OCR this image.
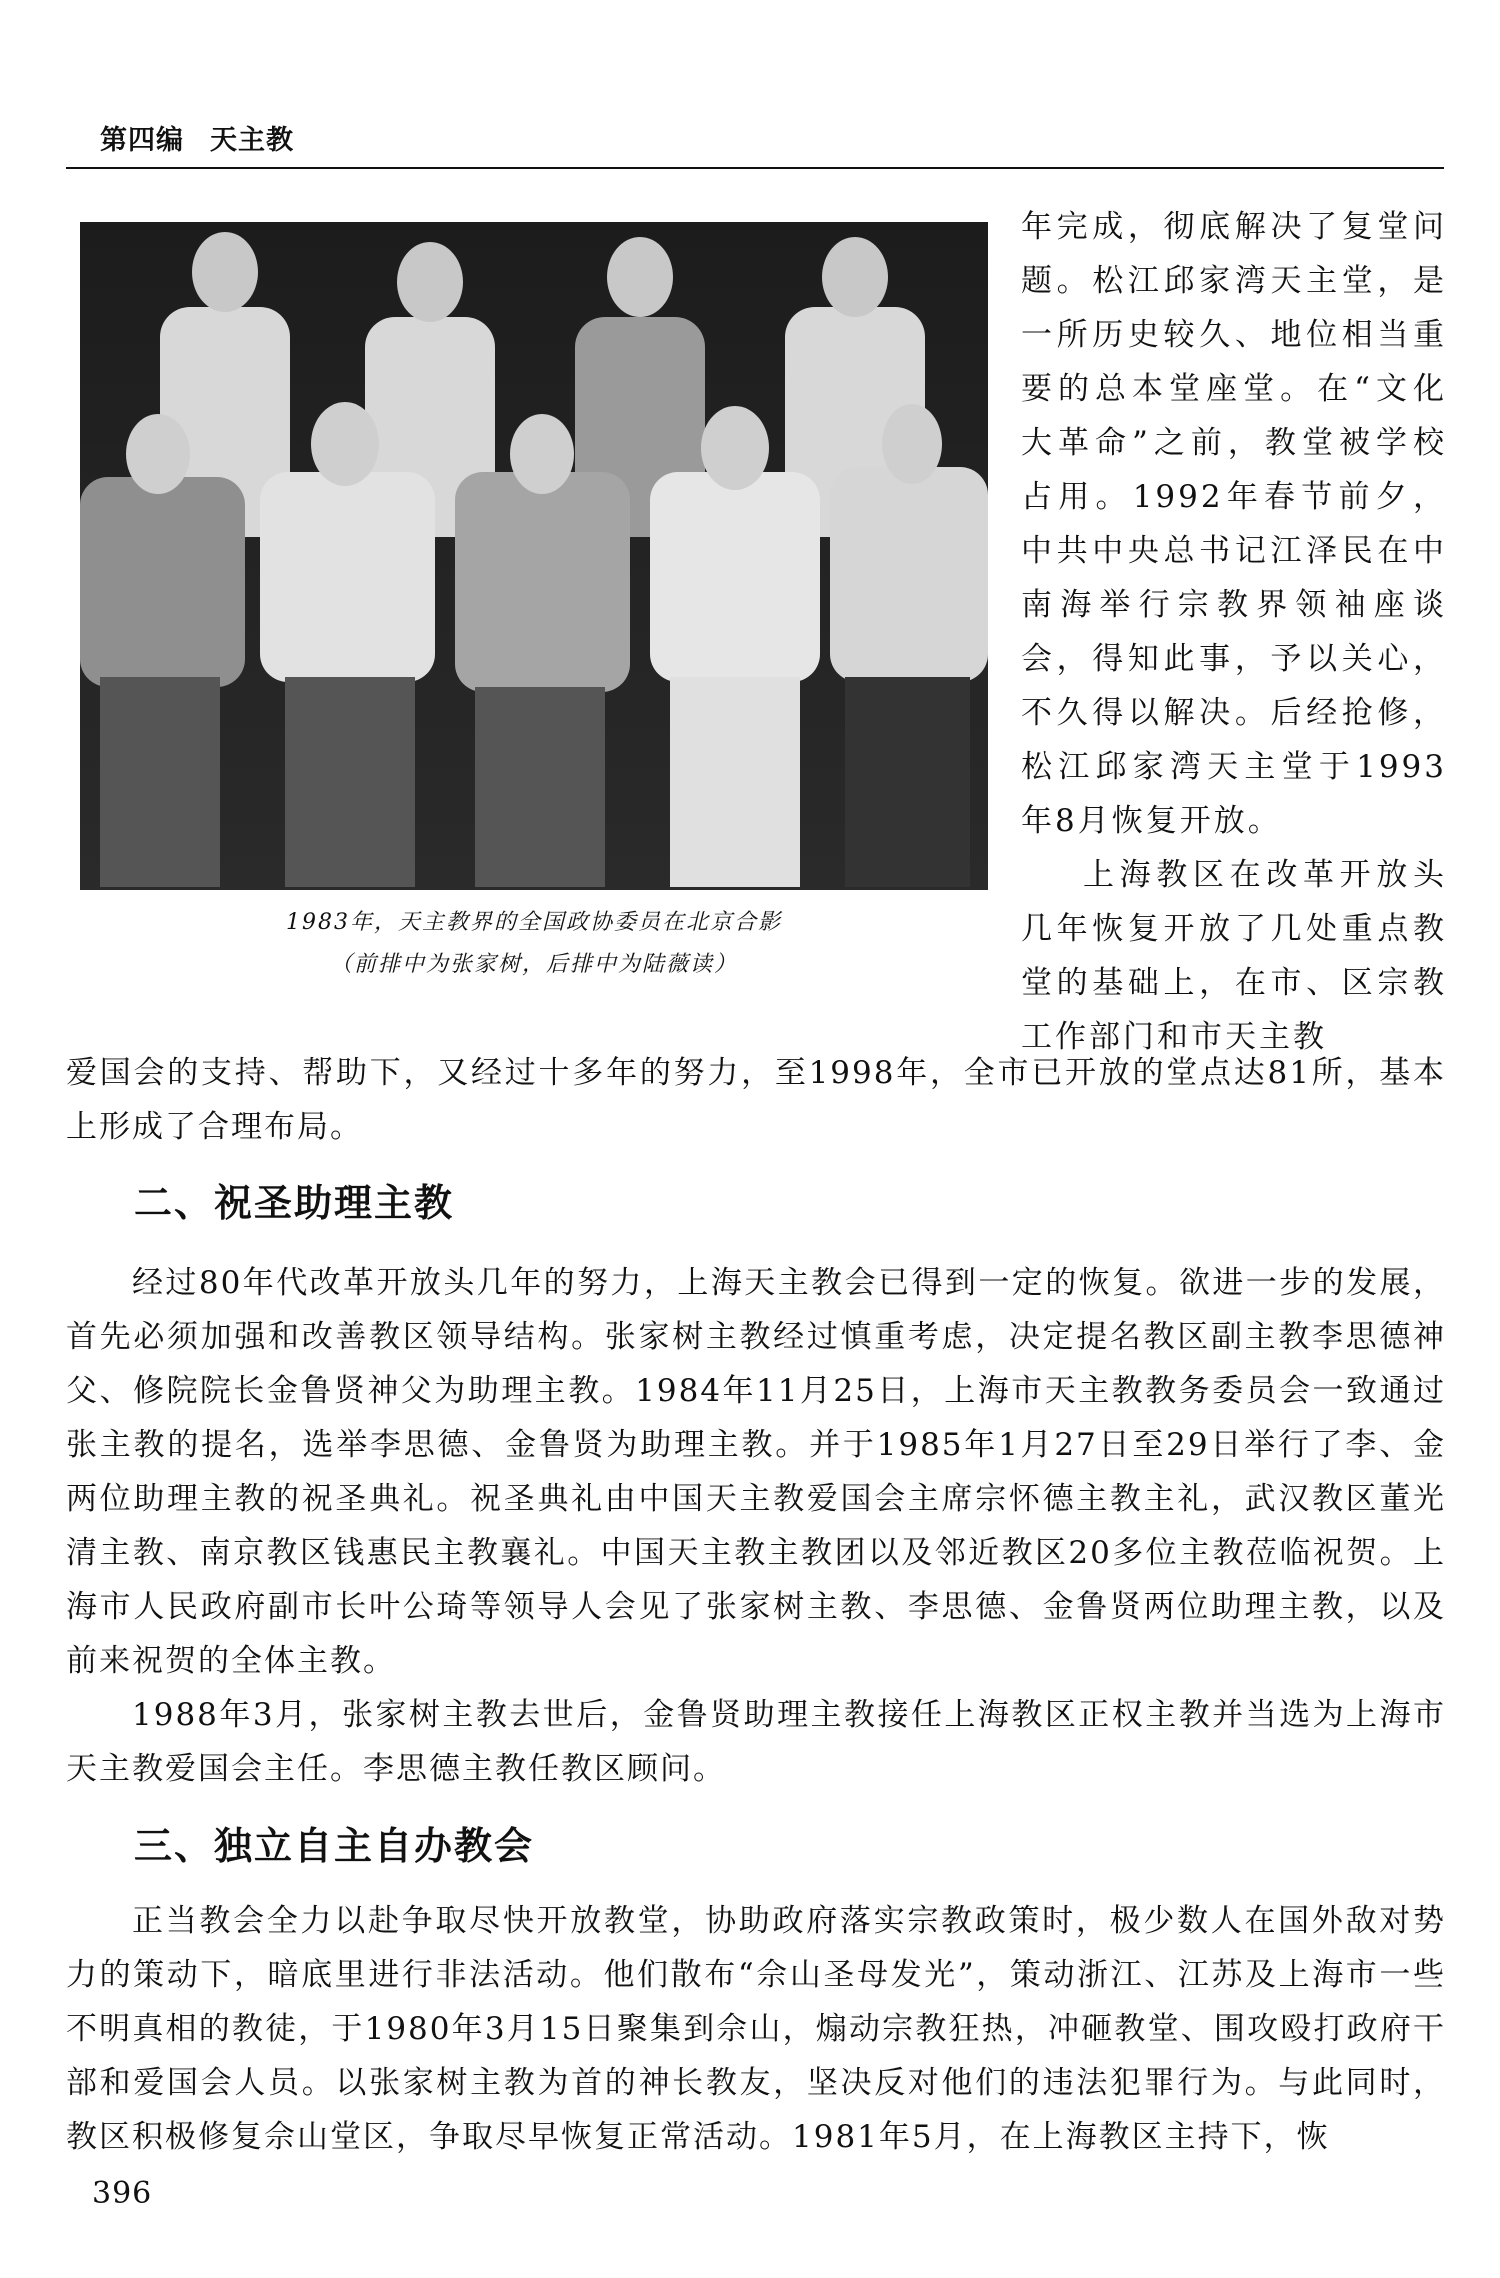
第四编 天主教
1983年，天主教界的全国政协委员在北京合影
（前排中为张家树，后排中为陆薇读）

年完成，彻底解决了复堂问题。松江邱家湾天主堂，是一所历史较久、地位相当重要的总本堂座堂。在“文化大革命”之前，教堂被学校占用。1992年春节前夕，中共中央总书记江泽民在中南海举行宗教界领袖座谈会，得知此事，予以关心，不久得以解决。后经抢修，松江邱家湾天主堂于1993年8月恢复开放。

上海教区在改革开放头几年恢复开放了几处重点教堂的基础上，在市、区宗教工作部门和市天主教

爱国会的支持、帮助下，又经过十多年的努力，至1998年，全市已开放的堂点达81所，基本上形成了合理布局。

二、祝圣助理主教

经过80年代改革开放头几年的努力，上海天主教会已得到一定的恢复。欲进一步的发展，首先必须加强和改善教区领导结构。张家树主教经过慎重考虑，决定提名教区副主教李思德神父、修院院长金鲁贤神父为助理主教。1984年11月25日，上海市天主教教务委员会一致通过张主教的提名，选举李思德、金鲁贤为助理主教。并于1985年1月27日至29日举行了李、金两位助理主教的祝圣典礼。祝圣典礼由中国天主教爱国会主席宗怀德主教主礼，武汉教区董光清主教、南京教区钱惠民主教襄礼。中国天主教主教团以及邻近教区20多位主教莅临祝贺。上海市人民政府副市长叶公琦等领导人会见了张家树主教、李思德、金鲁贤两位助理主教，以及前来祝贺的全体主教。

1988年3月，张家树主教去世后，金鲁贤助理主教接任上海教区正权主教并当选为上海市天主教爱国会主任。李思德主教任教区顾问。

三、独立自主自办教会

正当教会全力以赴争取尽快开放教堂，协助政府落实宗教政策时，极少数人在国外敌对势力的策动下，暗底里进行非法活动。他们散布“佘山圣母发光”，策动浙江、江苏及上海市一些不明真相的教徒，于1980年3月15日聚集到佘山，煽动宗教狂热，冲砸教堂、围攻殴打政府干部和爱国会人员。以张家树主教为首的神长教友，坚决反对他们的违法犯罪行为。与此同时，教区积极修复佘山堂区，争取尽早恢复正常活动。1981年5月，在上海教区主持下，恢

396
